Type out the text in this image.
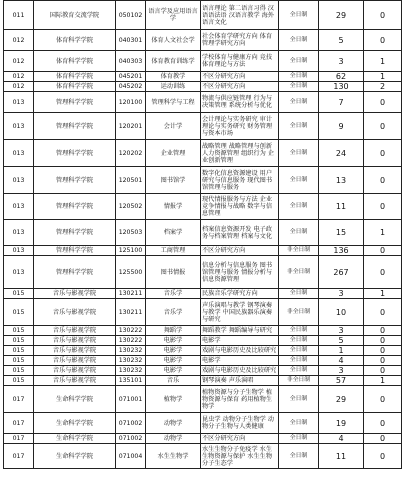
011	国际教育交流学院	050102	语言学及应用语言学	语言理论 第二语言习得 汉语语法语 汉语言教学 海外语言文化	全日制	29	0
012	体育科学学院	040301	体育人文社会学	社会体育学研究方向 体育管理学研究方向	全日制	5	0
012	体育科学学院	040303	体育教育训练学	学校体育与健康方向 竞技体育理论与方法	全日制	3	1
012	体育科学学院	045201	体育教学	不区分研究方向	全日制	62	1
012	体育科学学院	045202	运动训练	不区分研究方向	全日制	130	2
013	管理科学学院	120100	管理科学与工程	物流与供应链管理 行为与决策管理 系统分析与优化	全日制	7	0
013	管理科学学院	120201	会计学	会计理论与实务研究 审计理论与实务研究 财务管理与资本市场	全日制	9	0
013	管理科学学院	120202	企业管理	战略管理 战略管理与创新 人力资源管理 组织行为 企业创新管理	全日制	24	0
013	管理科学学院	120501	图书馆学	数字化信息资源建设 用户研究与信息服务 现代图书馆管理与服务	全日制	13	0
013	管理科学学院	120502	情报学	现代情报服务与方法 企业竞争情报与战略 数字与信息管理	全日制	11	0
013	管理科学学院	120503	档案学	档案信息资源开发 电子政务与档案管理 档案与文化	全日制	15	1
013	管理科学学院	125100	工商管理	不区分研究方向	非全日制	136	0
013	管理科学学院	125500	图书情报	信息分析与信息服务 图书馆管理与服务 情报分析与信息资源管理	非全日制	267	0
015	音乐与影视学院	130211	音乐学	民族音乐学研究方向	全日制	3	1
015	音乐与影视学院	130211	音乐学	声乐演唱与教学 钢琴演奏与教学 中国民族器乐演奏与研究	非全日制	10	0
015	音乐与影视学院	130222	舞蹈学	舞蹈教学 舞蹈编导与研究	全日制	3	0
015	音乐与影视学院	130222	电影学	电影学	全日制	5	0
015	音乐与影视学院	130232	电影学	戏剧与电影历史及比较研究	全日制	1	0
015	音乐与影视学院	130232	电影学	电影学	全日制	4	0
015	音乐与影视学院	130232	电影学	戏剧与电影历史及比较研究	全日制	3	0
015	音乐与影视学院	135101	音乐	钢琴演奏 声乐演唱	非全日制	57	1
017	生命科学学院	071001	植物学	植物资源与分子生物学 植物资源与保育 药用植物生物学	全日制	29	0
017	生命科学学院	071002	动物学	昆虫学 动物分子生物学 动物分子生物与人类健康	全日制	19	0
017	生命科学学院	071002	动物学	不区分研究方向	全日制	4	0
017	生命科学学院	071004	水生生物学	水生生物分子免疫学 水生生物资源与保护 水生生物分子生态学	全日制	11	0
